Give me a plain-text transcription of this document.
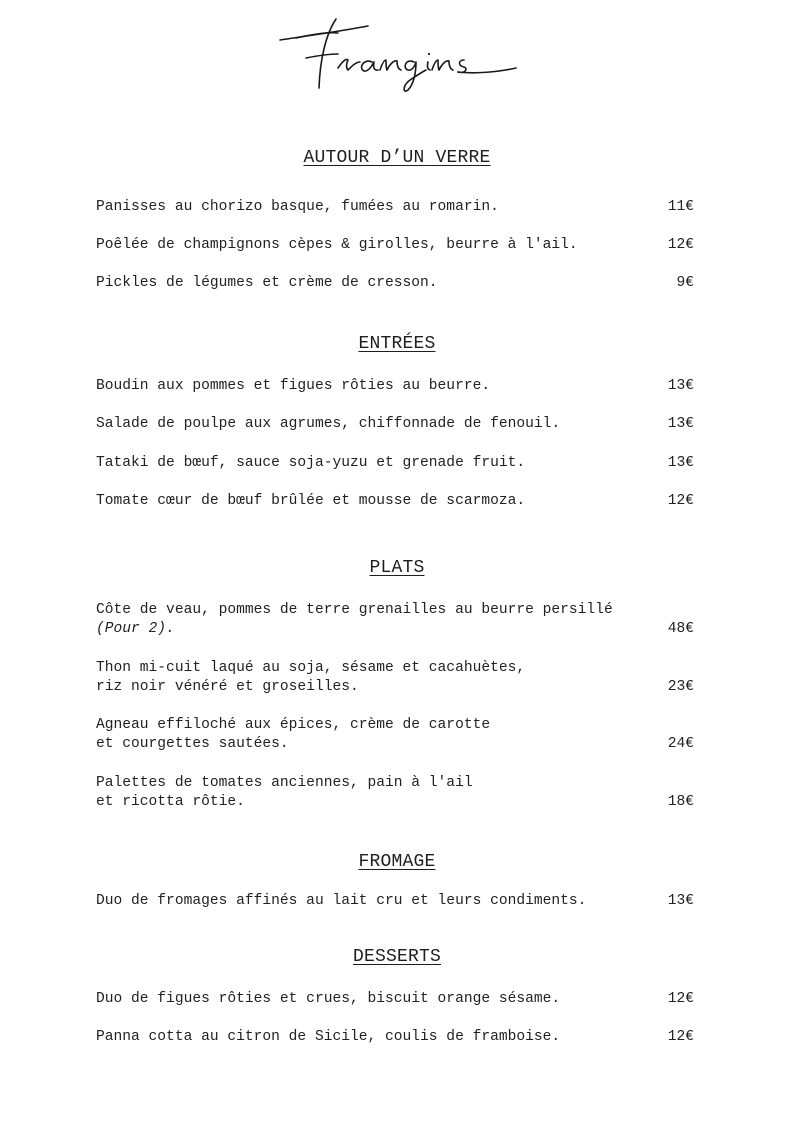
AUTOUR D’UN VERRE
Panisses au chorizo basque, fumées au romarin.	11€
Poêlée de champignons cèpes & girolles, beurre à l'ail.	12€
Pickles de légumes et crème de cresson.	9€
ENTRÉES
Boudin aux pommes et figues rôties au beurre.	13€
Salade de poulpe aux agrumes, chiffonnade de fenouil.	13€
Tataki de bœuf, sauce soja-yuzu et grenade fruit.	13€
Tomate cœur de bœuf brûlée et mousse de scarmoza.	12€
PLATS
Côte de veau, pommes de terre grenailles au beurre persillé
(Pour 2).	48€
Thon mi-cuit laqué au soja, sésame et cacahuètes,
riz noir vénéré et groseilles.	23€
Agneau effiloché aux épices, crème de carotte
et courgettes sautées.	24€
Palettes de tomates anciennes, pain à l'ail
et ricotta rôtie.	18€
FROMAGE
Duo de fromages affinés au lait cru et leurs condiments.	13€
DESSERTS
Duo de figues rôties et crues, biscuit orange sésame.	12€
Panna cotta au citron de Sicile, coulis de framboise.	12€
